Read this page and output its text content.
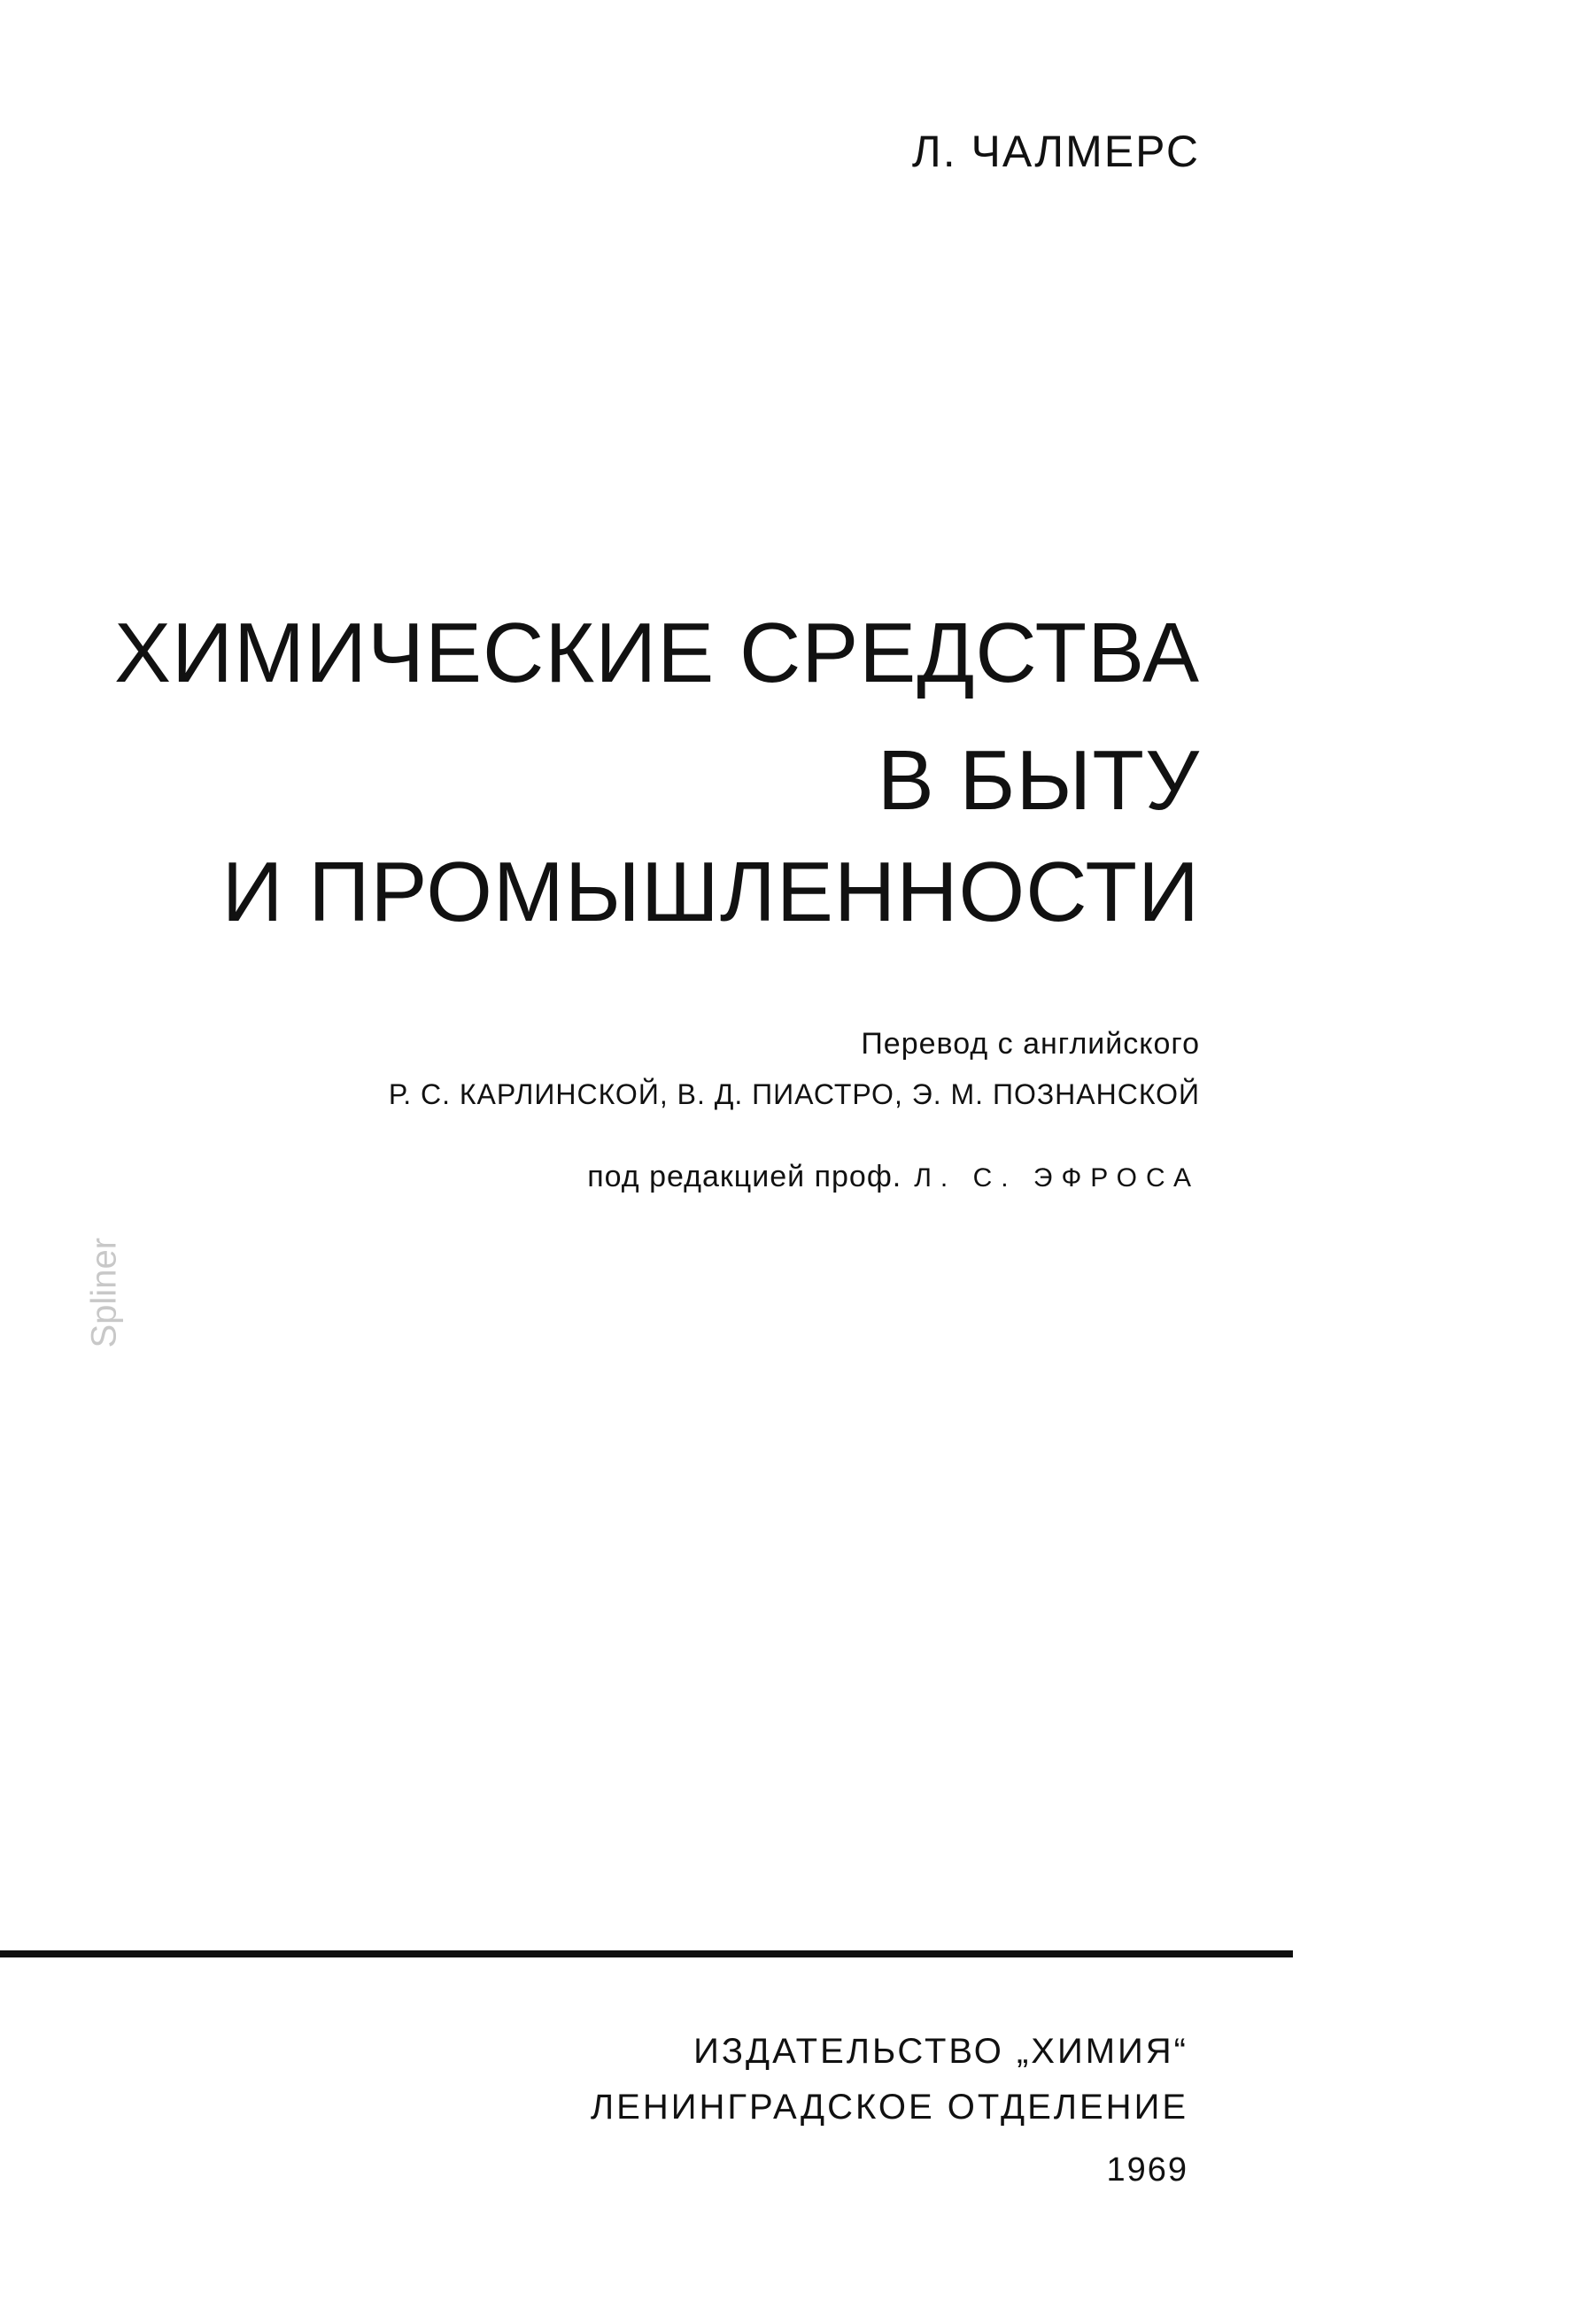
Л. ЧАЛМЕРС
ХИМИЧЕСКИЕ СРЕДСТВА
В БЫТУ
И ПРОМЫШЛЕННОСТИ
Перевод с английского
Р. С. КАРЛИНСКОЙ, В. Д. ПИАСТРО, Э. М. ПОЗНАНСКОЙ
под редакцией проф. Л. С. ЭФРОСА
Spliner
ИЗДАТЕЛЬСТВО „ХИМИЯ“
ЛЕНИНГРАДСКОЕ ОТДЕЛЕНИЕ
1969
